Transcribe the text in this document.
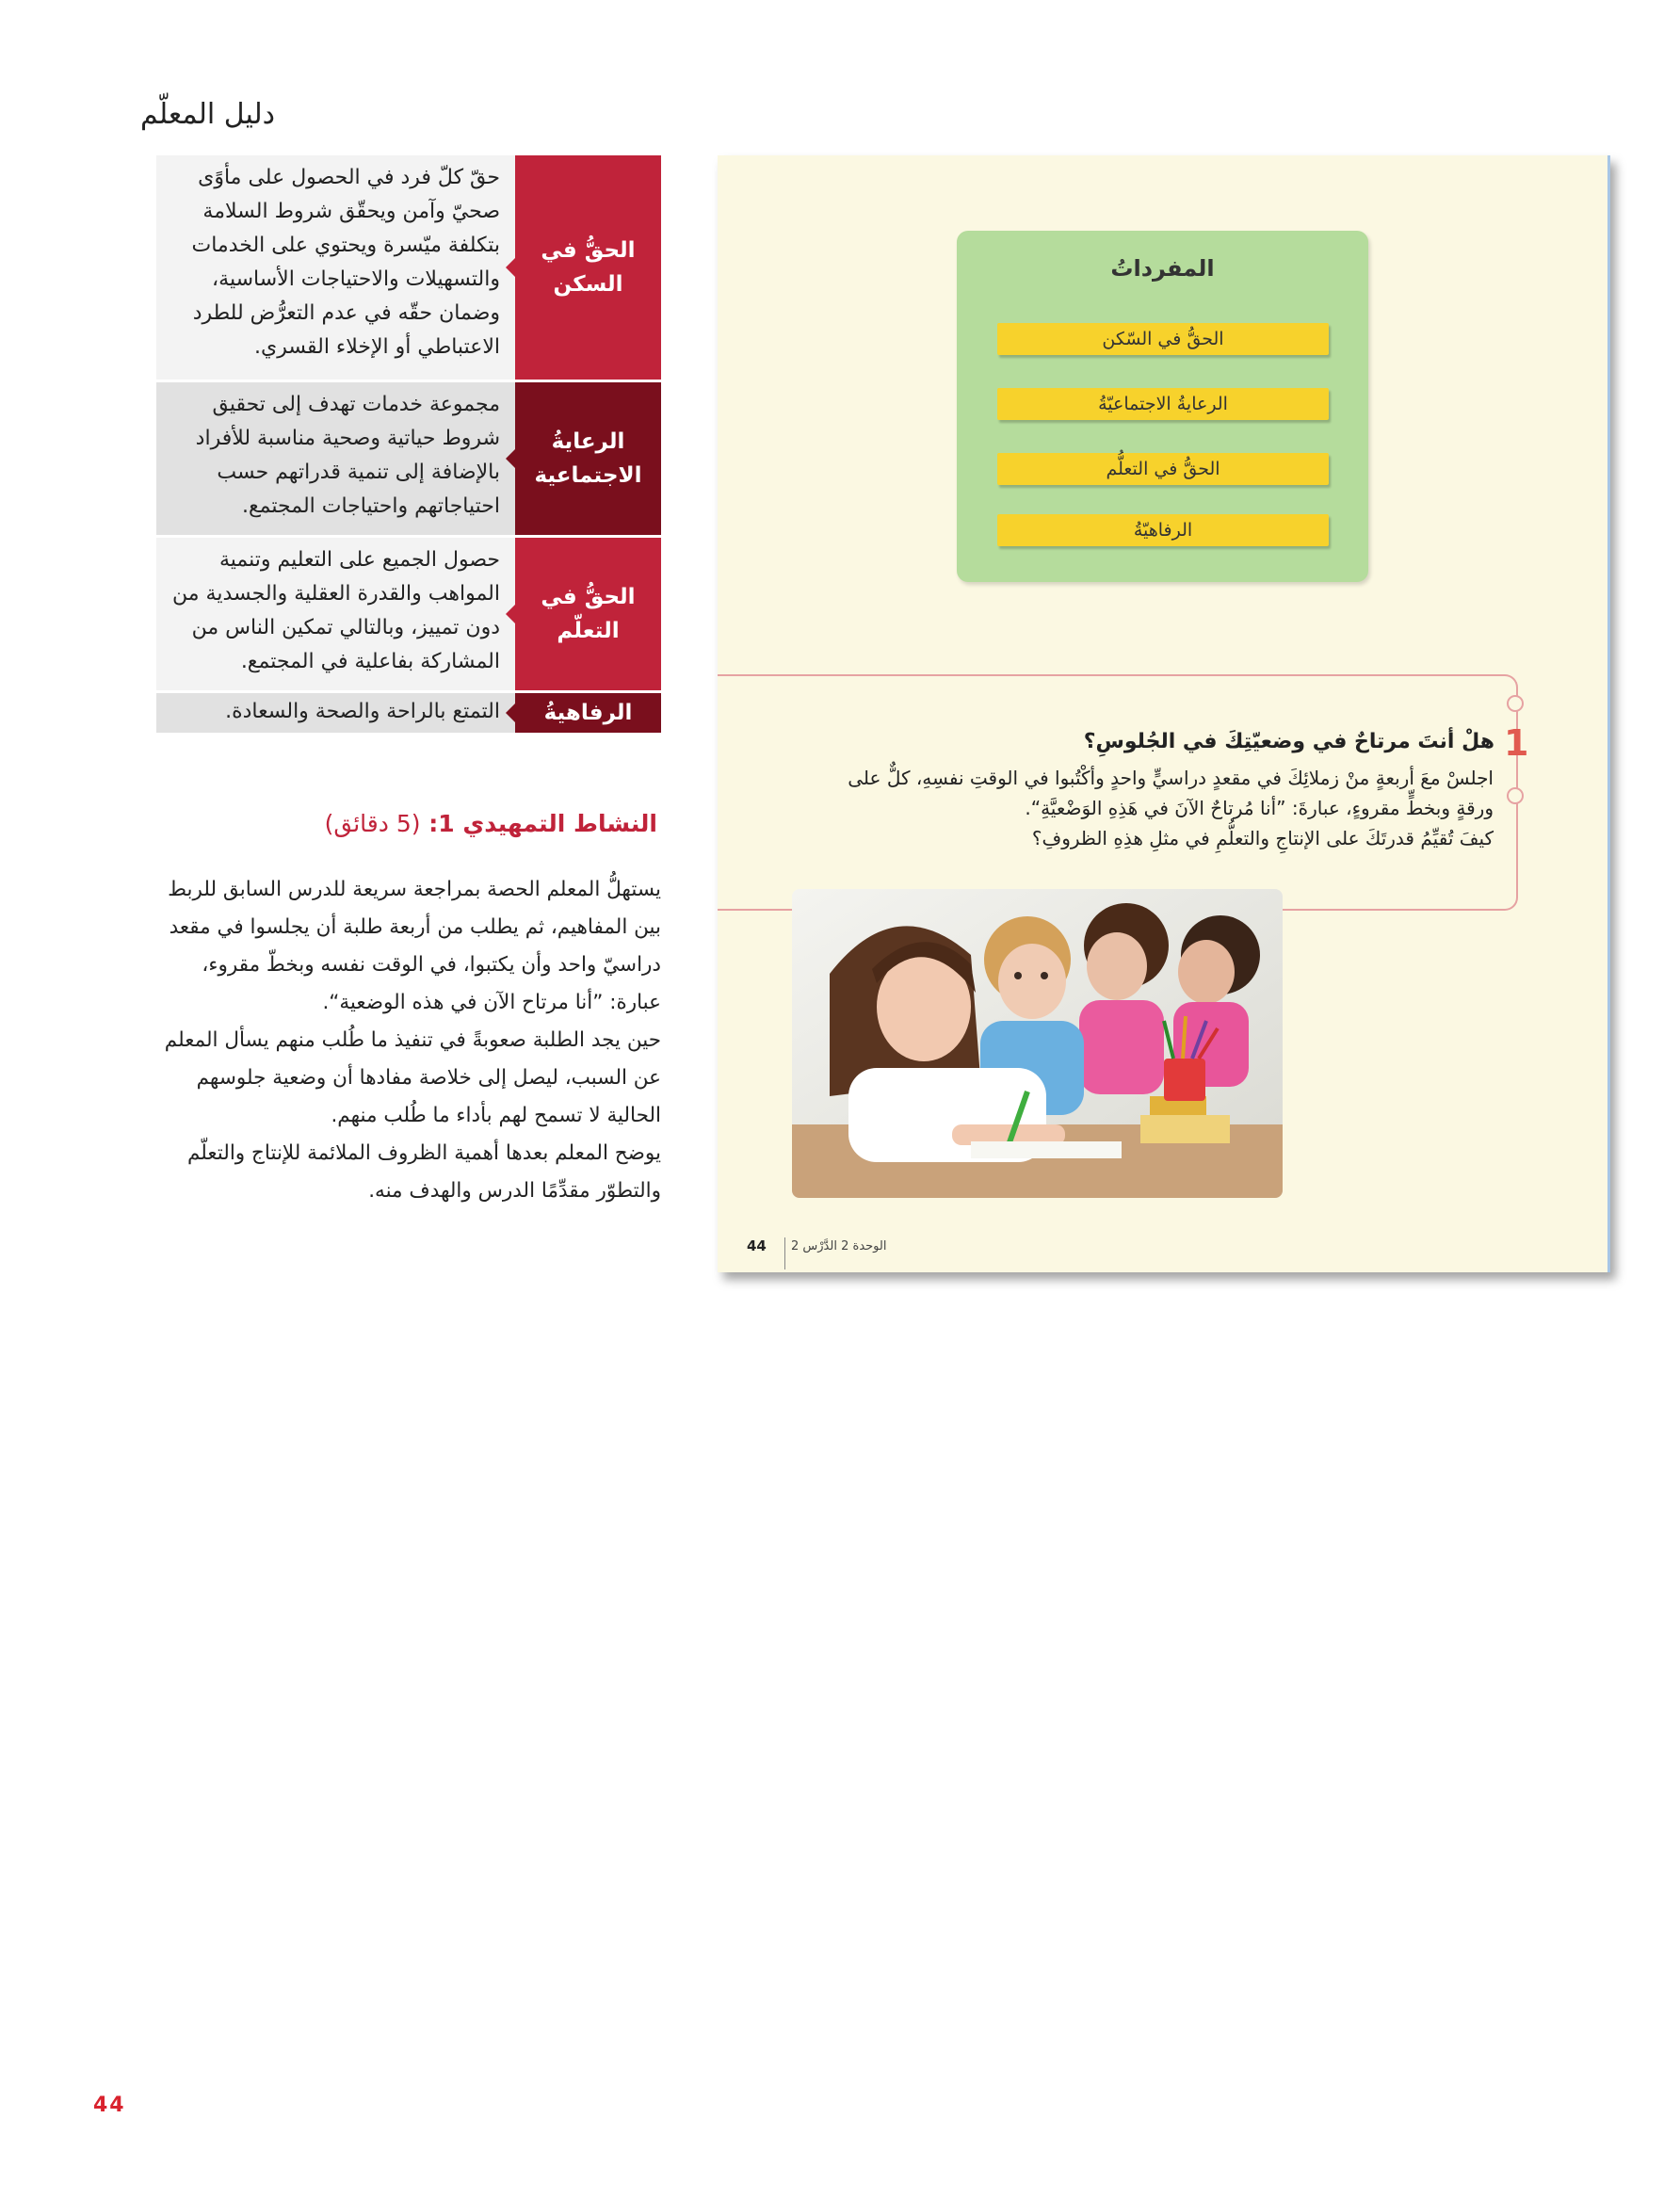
دليل المعلّم
الحقُّ في السكن
حقّ كلّ فرد في الحصول على مأوًى صحيّ وآمن ويحقّق شروط السلامة بتكلفة ميّسرة ويحتوي على الخدمات والتسهيلات والاحتياجات الأساسية، وضمان حقّه في عدم التعرُّض للطرد الاعتباطي أو الإخلاء القسري.
الرعايةُ الاجتماعية
مجموعة خدمات تهدف إلى تحقيق شروط حياتية وصحية مناسبة للأفراد بالإضافة إلى تنمية قدراتهم حسب احتياجاتهم واحتياجات المجتمع.
الحقُّ في التعلّم
حصول الجميع على التعليم وتنمية المواهب والقدرة العقلية والجسدية من دون تمييز، وبالتالي تمكين الناس من المشاركة بفاعلية في المجتمع.
الرفاهيةُ
التمتع بالراحة والصحة والسعادة.
النشاط التمهيدي 1: (5 دقائق)

يستهلُّ المعلم الحصة بمراجعة سريعة للدرس السابق للربط بين المفاهيم، ثم يطلب من أربعة طلبة أن يجلسوا في مقعد دراسيّ واحد وأن يكتبوا، في الوقت نفسه وبخطّ مقروء، عبارة: ”أنا مرتاح الآن في هذه الوضعية“.

حين يجد الطلبة صعوبةً في تنفيذ ما طُلب منهم يسأل المعلم عن السبب، ليصل إلى خلاصة مفادها أن وضعية جلوسهم الحالية لا تسمح لهم بأداء ما طُلب منهم.

يوضح المعلم بعدها أهمية الظروف الملائمة للإنتاج والتعلّم والتطوّر مقدِّمًا الدرس والهدف منه.

المفرداتُ
الحقُّ في السّكن
الرعايةُ الاجتماعيّةُ
الحقُّ في التعلُّم
الرفاهيّةُ
1
هلْ أنتَ مرتاحٌ في وضعيّتِكَ في الجُلوسِ؟

اجلسْ معَ أربعةٍ منْ زملائِكَ في مقعدٍ دراسيٍّ واحدٍ وأكْتُبوا في الوقتِ نفسِهِ، كلٌّ على

ورقةٍ وبخطٍّ مقروءٍ، عبارةَ: ”أنا مُرتاحٌ الآنَ في هَذِهِ الوَضْعيَّةِ“.

كيفَ تُقيِّمُ قدرتَكَ على الإنتاجِ والتعلُّمِ في مثلِ هذِهِ الظروفِ؟

44 الوحدة 2 الدَّرْس 2
44
